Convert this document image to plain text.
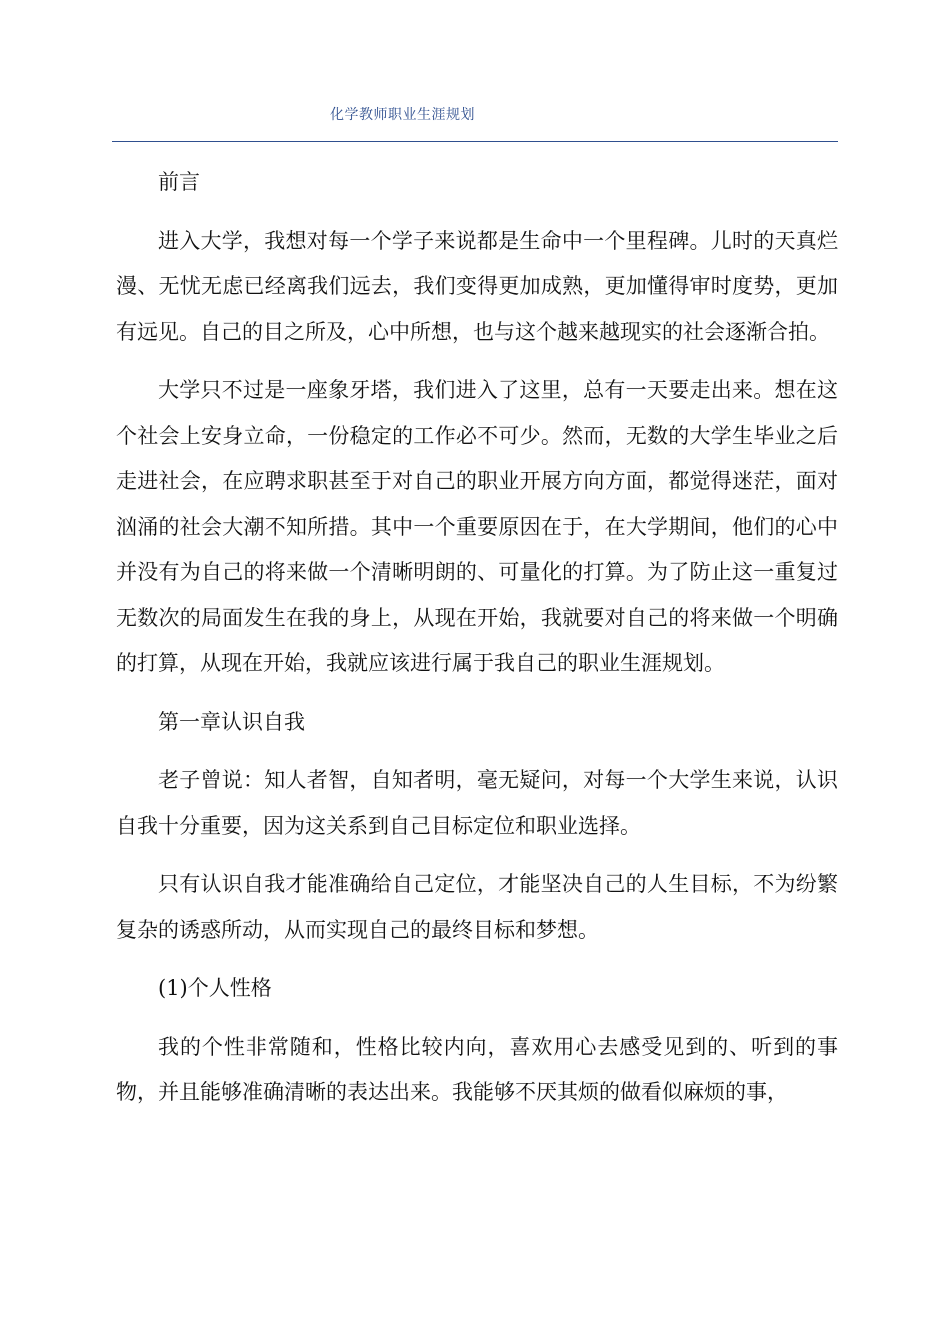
化学教师职业生涯规划

前言

进入大学，我想对每一个学子来说都是生命中一个里程碑。儿时的天真烂漫、无忧无虑已经离我们远去，我们变得更加成熟，更加懂得审时度势，更加有远见。自己的目之所及，心中所想，也与这个越来越现实的社会逐渐合拍。

大学只不过是一座象牙塔，我们进入了这里，总有一天要走出来。想在这个社会上安身立命，一份稳定的工作必不可少。然而，无数的大学生毕业之后走进社会，在应聘求职甚至于对自己的职业开展方向方面，都觉得迷茫，面对汹涌的社会大潮不知所措。其中一个重要原因在于，在大学期间，他们的心中并没有为自己的将来做一个清晰明朗的、可量化的打算。为了防止这一重复过无数次的局面发生在我的身上，从现在开始，我就要对自己的将来做一个明确的打算，从现在开始，我就应该进行属于我自己的职业生涯规划。

第一章认识自我

老子曾说：知人者智，自知者明，毫无疑问，对每一个大学生来说，认识自我十分重要，因为这关系到自己目标定位和职业选择。

只有认识自我才能准确给自己定位，才能坚决自己的人生目标，不为纷繁复杂的诱惑所动，从而实现自己的最终目标和梦想。

(1)个人性格

我的个性非常随和，性格比较内向，喜欢用心去感受见到的、听到的事物，并且能够准确清晰的表达出来。我能够不厌其烦的做看似麻烦的事，
